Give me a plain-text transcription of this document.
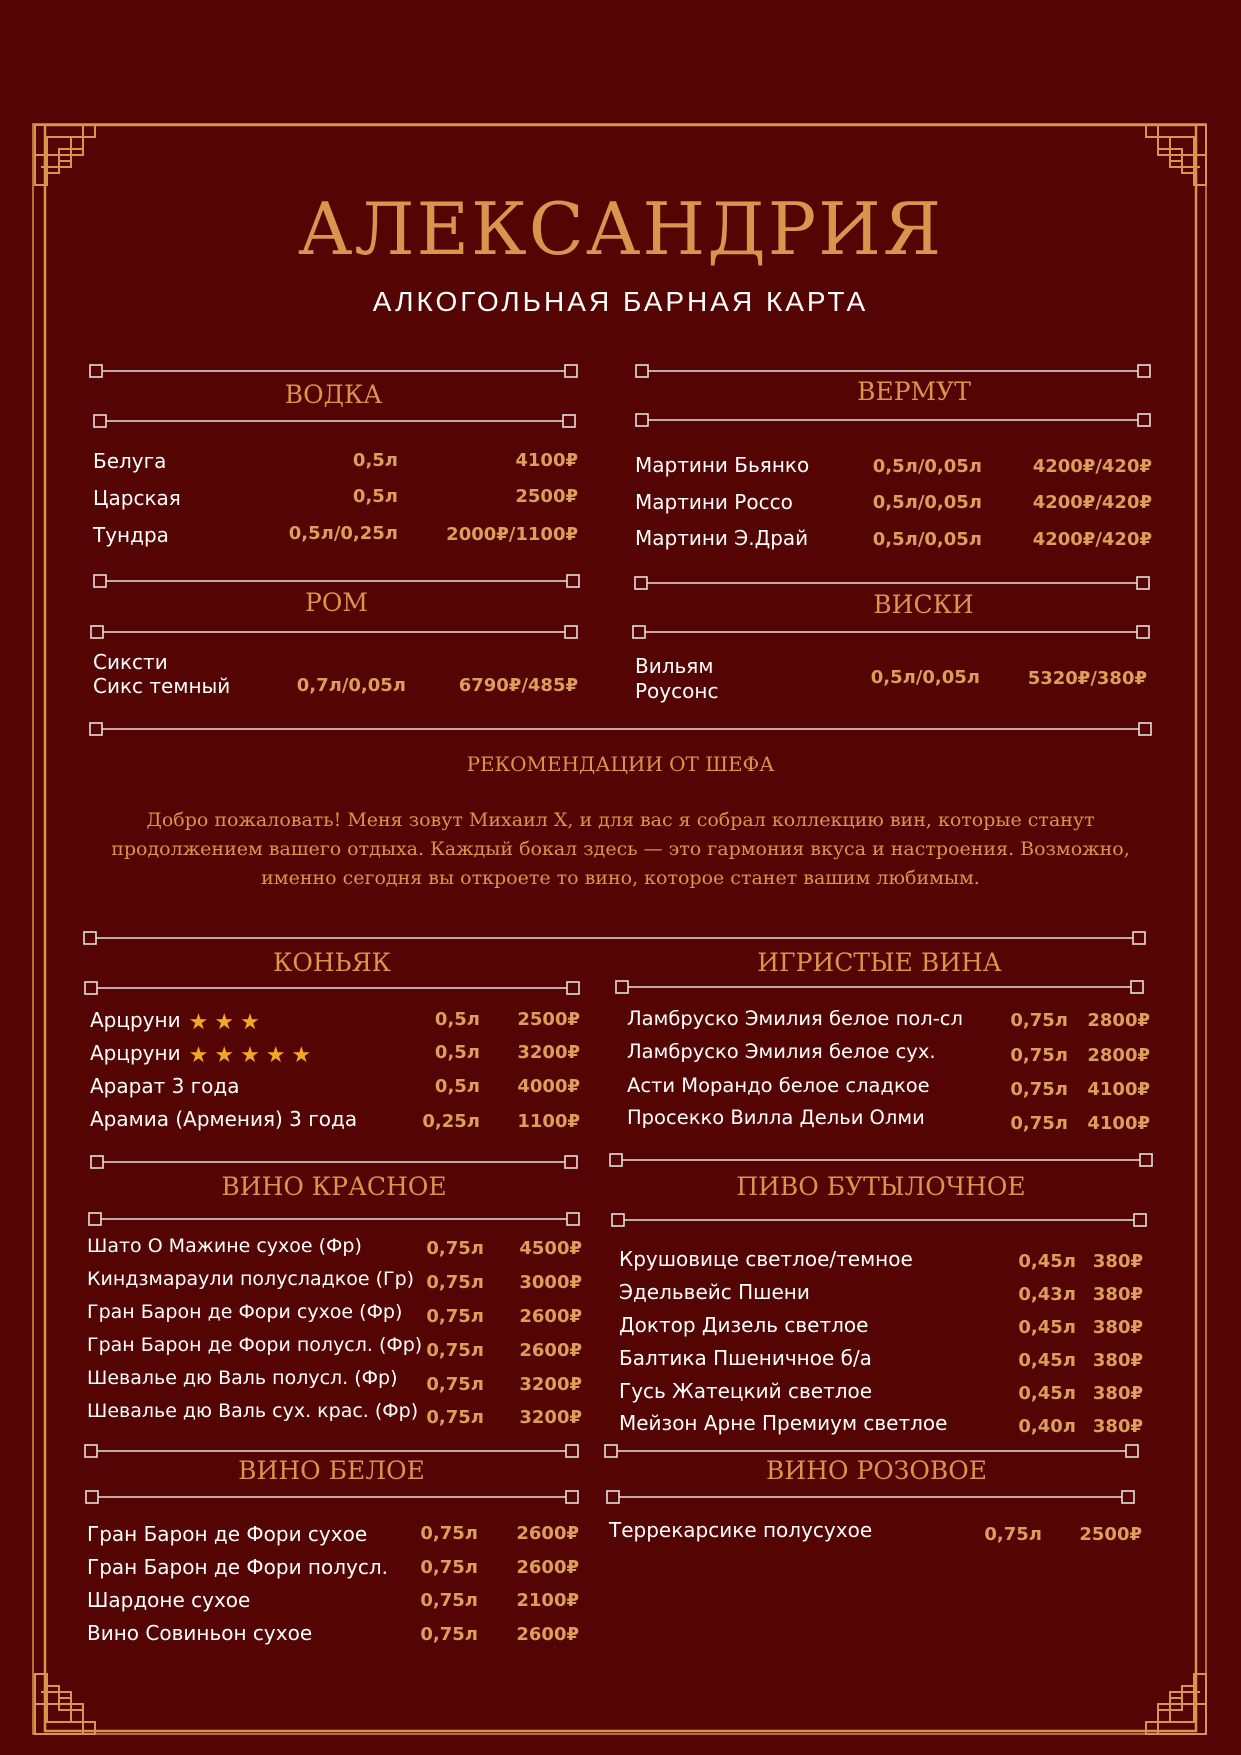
АЛЕКСАНДРИЯ
АЛКОГОЛЬНАЯ БАРНАЯ КАРТА
ВОДКА
Белуга	0,5л	4100₽
Царская	0,5л	2500₽
Тундра	0,5л/0,25л	2000₽/1100₽
ВЕРМУТ
Мартини Бьянко	0,5л/0,05л	4200₽/420₽
Мартини Россо	0,5л/0,05л	4200₽/420₽
Мартини Э.Драй	0,5л/0,05л	4200₽/420₽
РОМ
Сиксти
Сикс темный	0,7л/0,05л	6790₽/485₽
ВИСКИ
Вильям
Роусонс
0,5л/0,05л	5320₽/380₽
РЕКОМЕНДАЦИИ ОТ ШЕФА
Добро пожаловать! Меня зовут Михаил Х, и для вас я собрал коллекцию вин, которые станут продолжением вашего отдыха. Каждый бокал здесь — это гармония вкуса и настроения. Возможно, именно сегодня вы откроете то вино, которое станет вашим любимым.
КОНЬЯК
Арцруни ★ ★ ★	0,5л	2500₽
Арцруни ★ ★ ★ ★ ★	0,5л	3200₽
Арарат 3 года	0,5л	4000₽
Арамиа (Армения) 3 года	0,25л	1100₽
ИГРИСТЫЕ ВИНА
Ламбруско Эмилия белое пол-сл	0,75л	2800₽
Ламбруско Эмилия белое сух.	0,75л	2800₽
Асти Морандо белое сладкое	0,75л	4100₽
Просекко Вилла Дельи Олми	0,75л	4100₽
ВИНО КРАСНОЕ
Шато О Мажине сухое (Фр)	0,75л	4500₽
Киндзмараули полусладкое (Гр) 0,75л	3000₽
Гран Барон де Фори сухое (Фр)	0,75л	2600₽
Гран Барон де Фори полусл. (Фр) 0,75л	2600₽
Шевалье дю Валь полусл. (Фр)	0,75л	3200₽
Шевалье дю Валь сух. крас. (Фр) 0,75л	3200₽
ПИВО БУТЫЛОЧНОЕ
Крушовице светлое/темное	0,45л 380₽
Эдельвейс Пшени	0,43л 380₽
Доктор Дизель светлое	0,45л 380₽
Балтика Пшеничное б/а	0,45л 380₽
Гусь Жатецкий светлое	0,45л 380₽
Мейзон Арне Премиум светлое	0,40л 380₽
ВИНО БЕЛОЕ
Гран Барон де Фори сухое	0,75л	2600₽
Гран Барон де Фори полусл.	0,75л	2600₽
Шардоне сухое	0,75л	2100₽
Вино Совиньон сухое	0,75л	2600₽
ВИНО РОЗОВОЕ
Террекарсике полусухое	0,75л	2500₽
